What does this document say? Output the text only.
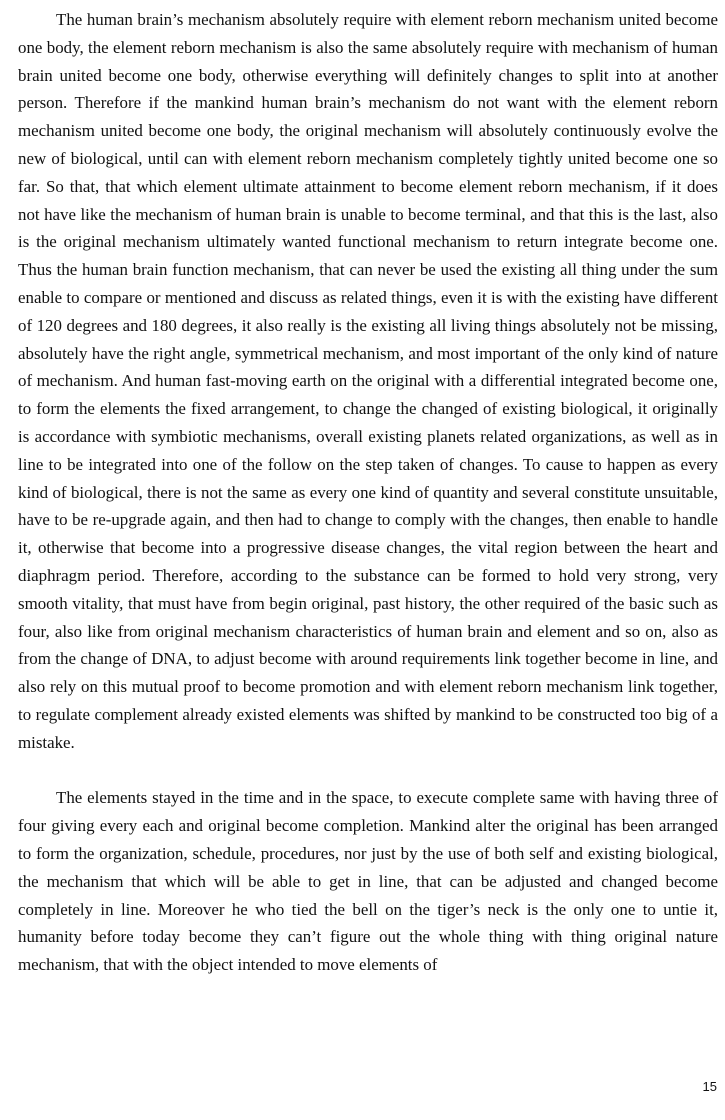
The human brain’s mechanism absolutely require with element reborn mechanism united become one body, the element reborn mechanism is also the same absolutely require with mechanism of human brain united become one body, otherwise everything will definitely changes to split into at another person. Therefore if the mankind human brain’s mechanism do not want with the element reborn mechanism united become one body, the original mechanism will absolutely continuously evolve the new of biological, until can with element reborn mechanism completely tightly united become one so far. So that, that which element ultimate attainment to become element reborn mechanism, if it does not have like the mechanism of human brain is unable to become terminal, and that this is the last, also is the original mechanism ultimately wanted functional mechanism to return integrate become one. Thus the human brain function mechanism, that can never be used the existing all thing under the sum enable to compare or mentioned and discuss as related things, even it is with the existing have different of 120 degrees and 180 degrees, it also really is the existing all living things absolutely not be missing, absolutely have the right angle, symmetrical mechanism, and most important of the only kind of nature of mechanism. And human fast-moving earth on the original with a differential integrated become one, to form the elements the fixed arrangement, to change the changed of existing biological, it originally is accordance with symbiotic mechanisms, overall existing planets related organizations, as well as in line to be integrated into one of the follow on the step taken of changes. To cause to happen as every kind of biological, there is not the same as every one kind of quantity and several constitute unsuitable, have to be re-upgrade again, and then had to change to comply with the changes, then enable to handle it, otherwise that become into a progressive disease changes, the vital region between the heart and diaphragm period. Therefore, according to the substance can be formed to hold very strong, very smooth vitality, that must have from begin original, past history, the other required of the basic such as four, also like from original mechanism characteristics of human brain and element and so on, also as from the change of DNA, to adjust become with around requirements link together become in line, and also rely on this mutual proof to become promotion and with element reborn mechanism link together, to regulate complement already existed elements was shifted by mankind to be constructed too big of a mistake.

The elements stayed in the time and in the space, to execute complete same with having three of four giving every each and original become completion. Mankind alter the original has been arranged to form the organization, schedule, procedures, nor just by the use of both self and existing biological, the mechanism that which will be able to get in line, that can be adjusted and changed become completely in line. Moreover he who tied the bell on the tiger’s neck is the only one to untie it, humanity before today become they can’t figure out the whole thing with thing original nature mechanism, that with the object intended to move elements of

15
